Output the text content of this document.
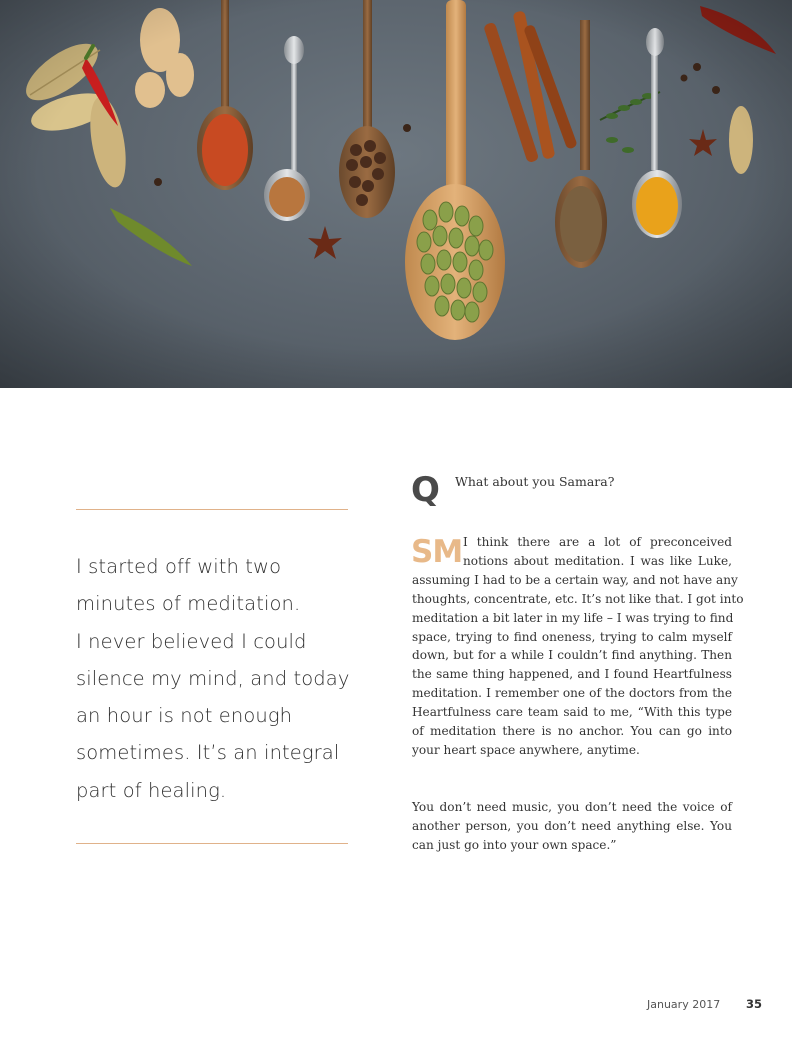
I started off with two
minutes of meditation.
I never believed I could
silence my mind, and today
an hour is not enough
sometimes. It’s an integral
part of healing.
Q What about you Samara?
SM I think there are a lot of preconceived
notions about meditation. I was like Luke,
assuming I had to be a certain way, and not have any
thoughts, concentrate, etc. It’s not like that. I got into
meditation a bit later in my life – I was trying to find
space, trying to find oneness, trying to calm myself
down, but for a while I couldn’t find anything. Then
the same thing happened, and I found Heartfulness
meditation. I remember one of the doctors from the
Heartfulness care team said to me, “With this type
of meditation there is no anchor. You can go into
your heart space anywhere, anytime.
You don’t need music, you don’t need the voice of
another person, you don’t need anything else. You
can just go into your own space.”
January 2017 35
